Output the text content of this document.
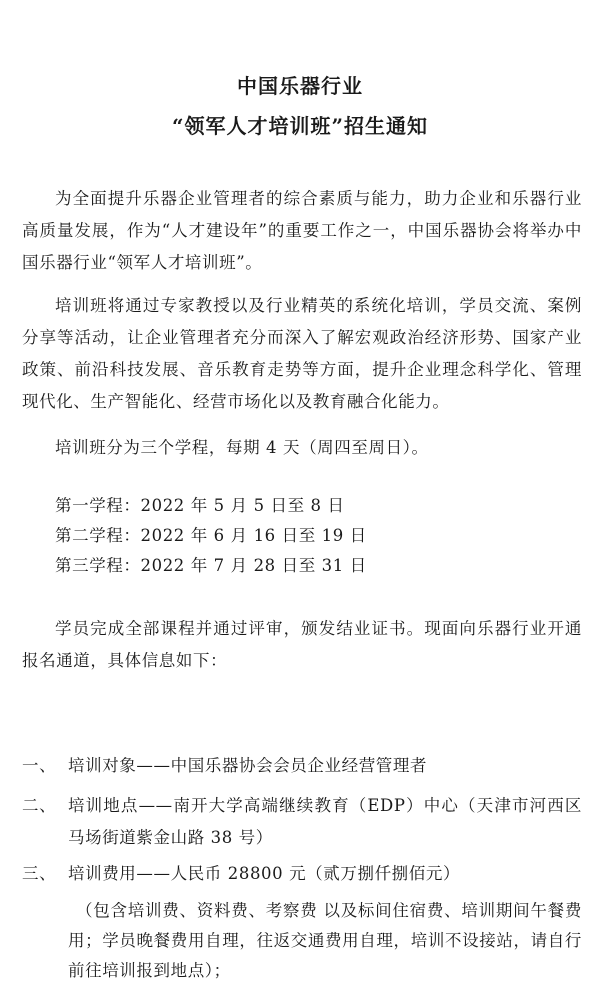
中国乐器行业
“领军人才培训班”招生通知
为全面提升乐器企业管理者的综合素质与能力，助力企业和乐器行业高质量发展，作为“人才建设年”的重要工作之一，中国乐器协会将举办中国乐器行业“领军人才培训班”。
培训班将通过专家教授以及行业精英的系统化培训，学员交流、案例分享等活动，让企业管理者充分而深入了解宏观政治经济形势、国家产业政策、前沿科技发展、音乐教育走势等方面，提升企业理念科学化、管理现代化、生产智能化、经营市场化以及教育融合化能力。
培训班分为三个学程，每期 4 天（周四至周日）。
第一学程：2022 年 5 月 5 日至 8 日
第二学程：2022 年 6 月 16 日至 19 日
第三学程：2022 年 7 月 28 日至 31 日
学员完成全部课程并通过评审，颁发结业证书。现面向乐器行业开通报名通道，具体信息如下：
一、 培训对象——中国乐器协会会员企业经营管理者
二、 培训地点——南开大学高端继续教育（EDP）中心（天津市河西区马场街道紫金山路 38 号）
三、 培训费用——人民币 28800 元（贰万捌仟捌佰元）
（包含培训费、资料费、考察费 以及标间住宿费、培训期间午餐费用；学员晚餐费用自理，往返交通费用自理，培训不设接站，请自行前往培训报到地点）；
